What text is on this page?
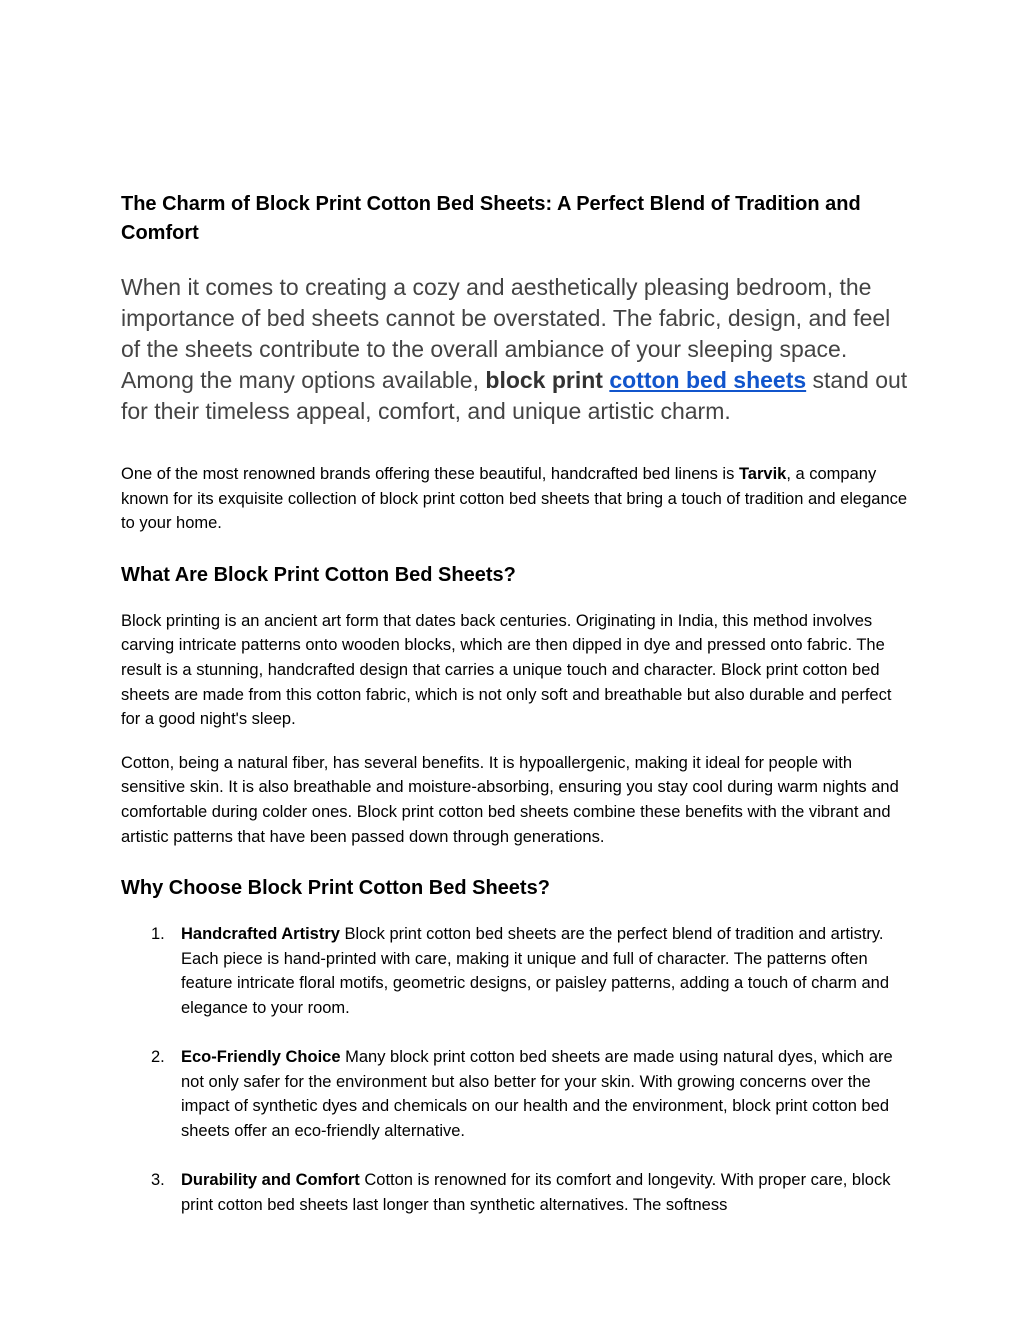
The Charm of Block Print Cotton Bed Sheets: A Perfect Blend of Tradition and Comfort

When it comes to creating a cozy and aesthetically pleasing bedroom, the importance of bed sheets cannot be overstated. The fabric, design, and feel of the sheets contribute to the overall ambiance of your sleeping space. Among the many options available, block print cotton bed sheets stand out for their timeless appeal, comfort, and unique artistic charm.

One of the most renowned brands offering these beautiful, handcrafted bed linens is Tarvik, a company known for its exquisite collection of block print cotton bed sheets that bring a touch of tradition and elegance to your home.

What Are Block Print Cotton Bed Sheets?

Block printing is an ancient art form that dates back centuries. Originating in India, this method involves carving intricate patterns onto wooden blocks, which are then dipped in dye and pressed onto fabric. The result is a stunning, handcrafted design that carries a unique touch and character. Block print cotton bed sheets are made from this cotton fabric, which is not only soft and breathable but also durable and perfect for a good night's sleep.

Cotton, being a natural fiber, has several benefits. It is hypoallergenic, making it ideal for people with sensitive skin. It is also breathable and moisture-absorbing, ensuring you stay cool during warm nights and comfortable during colder ones. Block print cotton bed sheets combine these benefits with the vibrant and artistic patterns that have been passed down through generations.

Why Choose Block Print Cotton Bed Sheets?
1. Handcrafted Artistry Block print cotton bed sheets are the perfect blend of tradition and artistry. Each piece is hand-printed with care, making it unique and full of character. The patterns often feature intricate floral motifs, geometric designs, or paisley patterns, adding a touch of charm and elegance to your room.
2. Eco-Friendly Choice Many block print cotton bed sheets are made using natural dyes, which are not only safer for the environment but also better for your skin. With growing concerns over the impact of synthetic dyes and chemicals on our health and the environment, block print cotton bed sheets offer an eco-friendly alternative.
3. Durability and Comfort Cotton is renowned for its comfort and longevity. With proper care, block print cotton bed sheets last longer than synthetic alternatives. The softness
